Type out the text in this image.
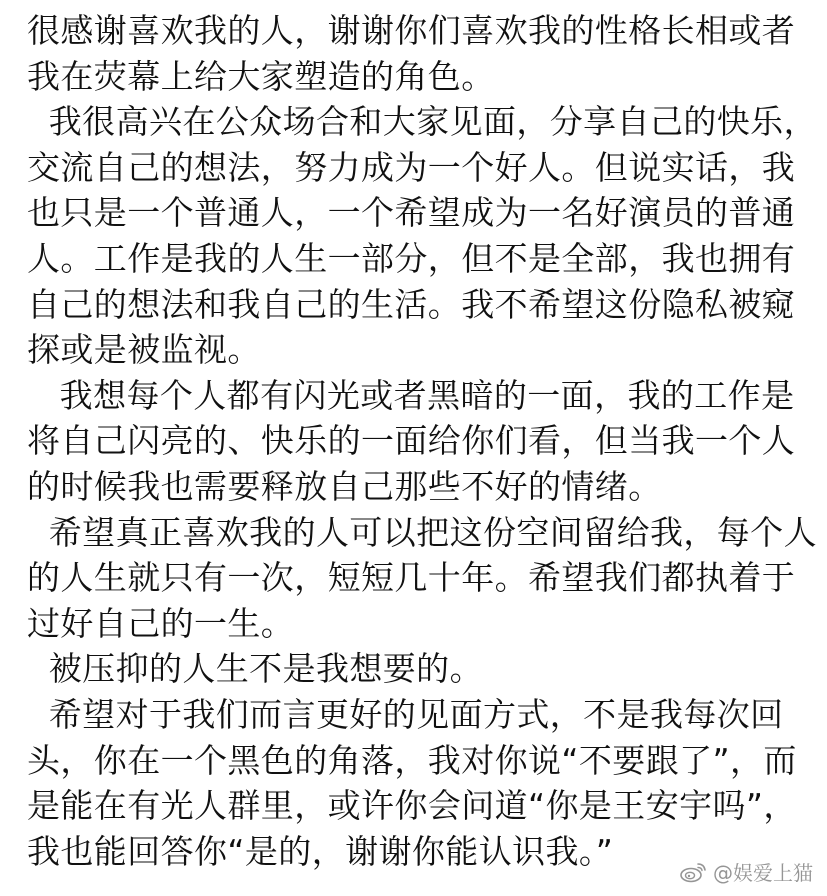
很感谢喜欢我的人，谢谢你们喜欢我的性格长相或者
我在荧幕上给大家塑造的角色。
我很高兴在公众场合和大家见面，分享自己的快乐，
交流自己的想法，努力成为一个好人。但说实话，我
也只是一个普通人，一个希望成为一名好演员的普通
人。工作是我的人生一部分，但不是全部，我也拥有
自己的想法和我自己的生活。我不希望这份隐私被窥
探或是被监视。
我想每个人都有闪光或者黑暗的一面，我的工作是
将自己闪亮的、快乐的一面给你们看，但当我一个人
的时候我也需要释放自己那些不好的情绪。
希望真正喜欢我的人可以把这份空间留给我，每个人
的人生就只有一次，短短几十年。希望我们都执着于
过好自己的一生。
被压抑的人生不是我想要的。
希望对于我们而言更好的见面方式，不是我每次回
头，你在一个黑色的角落，我对你说“不要跟了”，而
是能在有光人群里，或许你会问道“你是王安宇吗”，
我也能回答你“是的，谢谢你能认识我。”
@娱爱上猫
